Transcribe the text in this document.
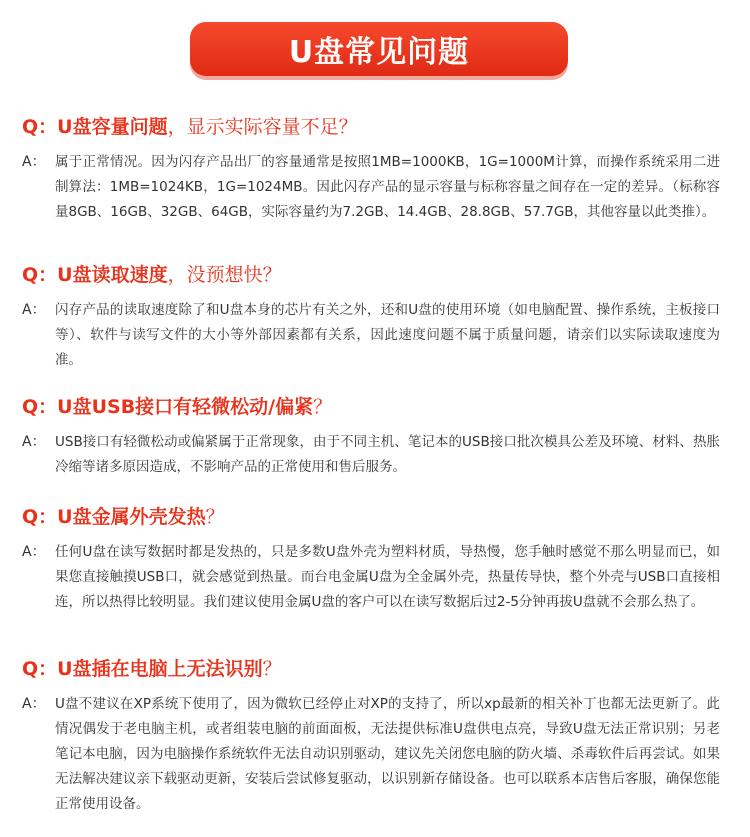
U盘常见问题
Q：U盘容量问题，显示实际容量不足？
A： 属于正常情况。因为闪存产品出厂的容量通常是按照1MB=1000KB，1G=1000M计算，而操作系统采用二进制算法：1MB=1024KB，1G=1024MB。因此闪存产品的显示容量与标称容量之间存在一定的差异。（标称容量8GB、16GB、32GB、64GB，实际容量约为7.2GB、14.4GB、28.8GB、57.7GB，其他容量以此类推）。
Q：U盘读取速度，没预想快？
A： 闪存产品的读取速度除了和U盘本身的芯片有关之外，还和U盘的使用环境（如电脑配置、操作系统，主板接口等）、软件与读写文件的大小等外部因素都有关系，因此速度问题不属于质量问题，请亲们以实际读取速度为准。
Q：U盘USB接口有轻微松动/偏紧？
A： USB接口有轻微松动或偏紧属于正常现象，由于不同主机、笔记本的USB接口批次模具公差及环境、材料、热胀冷缩等诸多原因造成，不影响产品的正常使用和售后服务。
Q：U盘金属外壳发热？
A： 任何U盘在读写数据时都是发热的，只是多数U盘外壳为塑料材质，导热慢，您手触时感觉不那么明显而已，如果您直接触摸USB口，就会感觉到热量。而台电金属U盘为全金属外壳，热量传导快，整个外壳与USB口直接相连，所以热得比较明显。我们建议使用金属U盘的客户可以在读写数据后过2-5分钟再拔U盘就不会那么热了。
Q：U盘插在电脑上无法识别？
A： U盘不建议在XP系统下使用了，因为微软已经停止对XP的支持了，所以xp最新的相关补丁也都无法更新了。此情况偶发于老电脑主机，或者组装电脑的前面面板，无法提供标准U盘供电点亮，导致U盘无法正常识别；另老笔记本电脑，因为电脑操作系统软件无法自动识别驱动，建议先关闭您电脑的防火墙、杀毒软件后再尝试。如果无法解决建议亲下载驱动更新，安装后尝试修复驱动，以识别新存储设备。也可以联系本店售后客服，确保您能正常使用设备。
